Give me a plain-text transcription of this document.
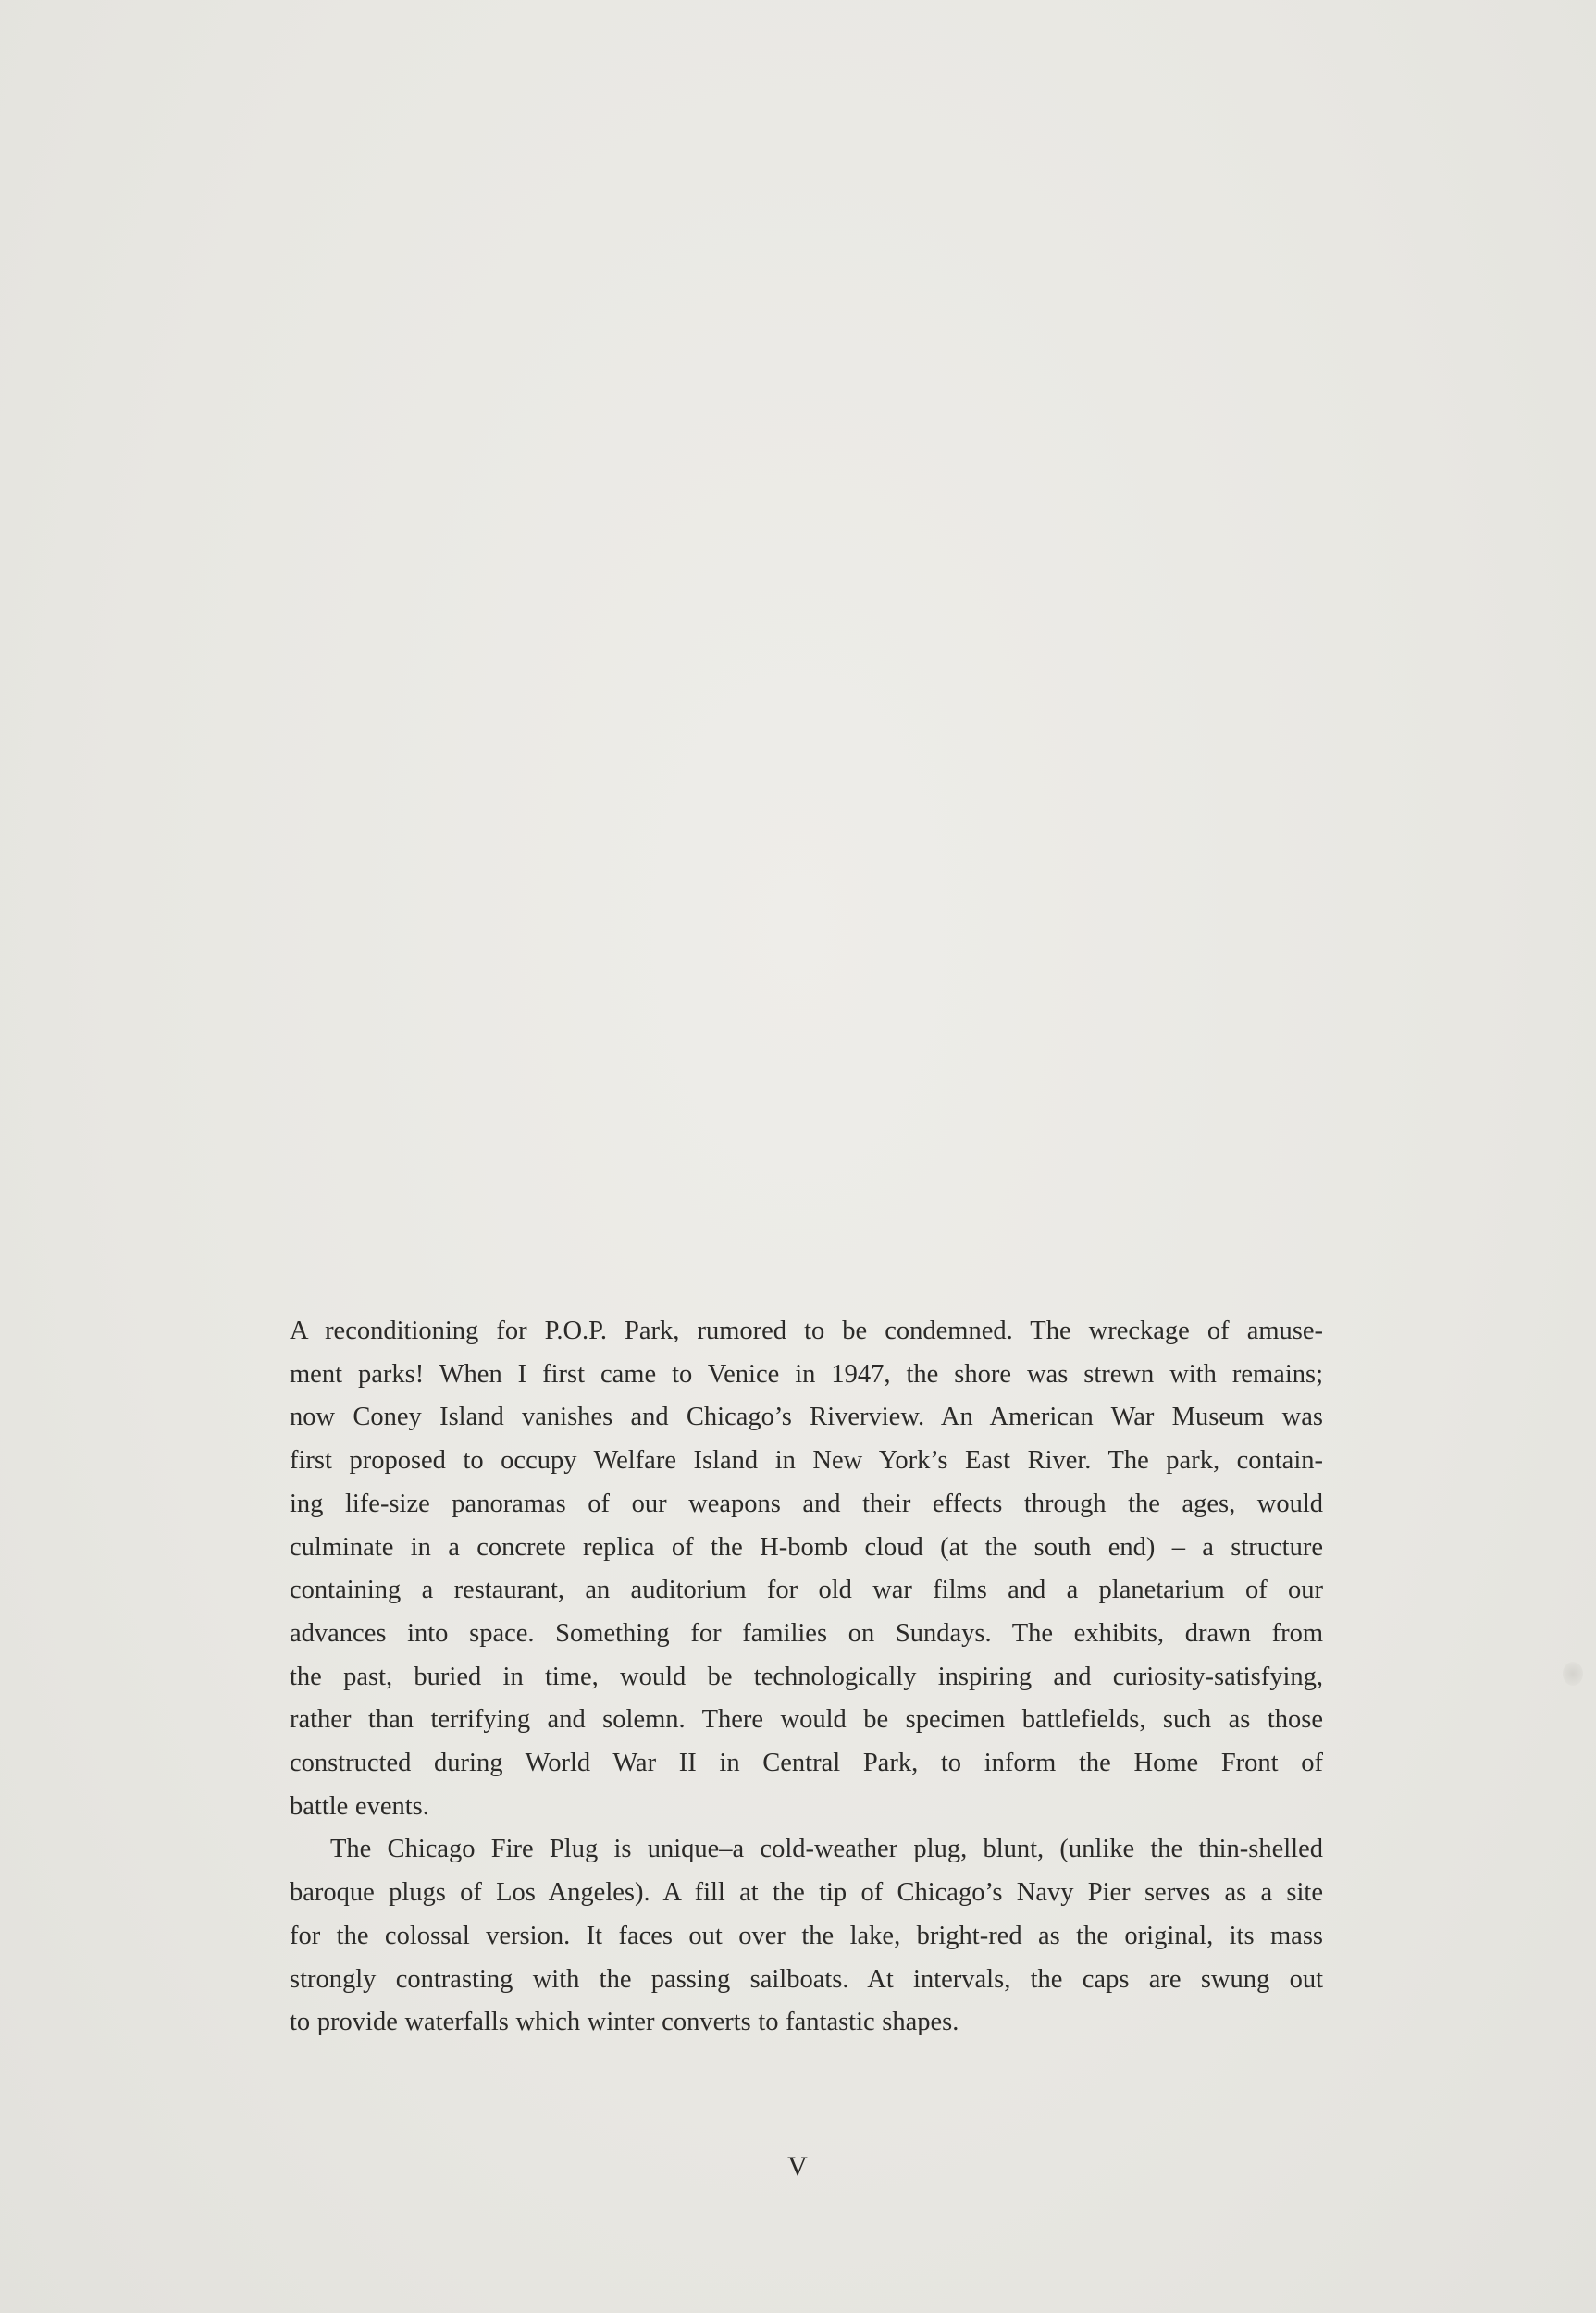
A reconditioning for P.O.P. Park, rumored to be condemned. The wreckage of amuse-
ment parks! When I first came to Venice in 1947, the shore was strewn with remains;
now Coney Island vanishes and Chicago’s Riverview. An American War Museum was
first proposed to occupy Welfare Island in New York’s East River. The park, contain-
ing life-size panoramas of our weapons and their effects through the ages, would
culminate in a concrete replica of the H-bomb cloud (at the south end) – a structure
containing a restaurant, an auditorium for old war films and a planetarium of our
advances into space. Something for families on Sundays. The exhibits, drawn from
the past, buried in time, would be technologically inspiring and curiosity-satisfying,
rather than terrifying and solemn. There would be specimen battlefields, such as those
constructed during World War II in Central Park, to inform the Home Front of
battle events.

The Chicago Fire Plug is unique–a cold-weather plug, blunt, (unlike the thin-shelled
baroque plugs of Los Angeles). A fill at the tip of Chicago’s Navy Pier serves as a site
for the colossal version. It faces out over the lake, bright-red as the original, its mass
strongly contrasting with the passing sailboats. At intervals, the caps are swung out
to provide waterfalls which winter converts to fantastic shapes.

V
